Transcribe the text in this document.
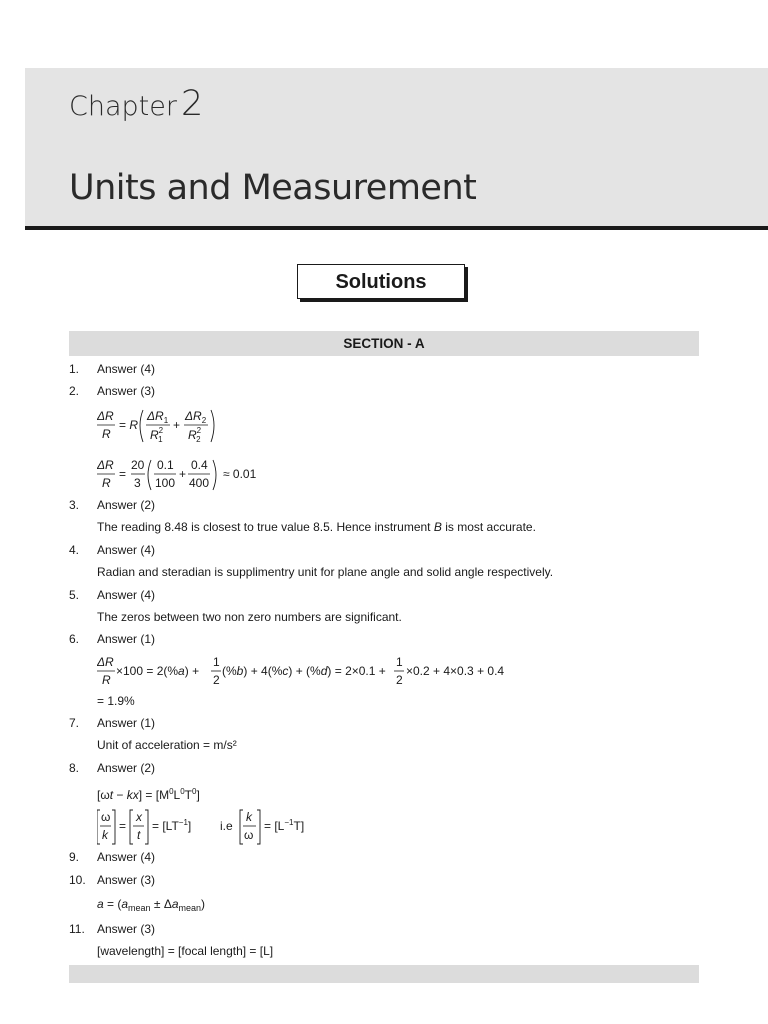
Chapter 2
Units and Measurement
Solutions
SECTION - A
1. Answer (4)
2. Answer (3)
ΔR
R
= R
$\Delta R_1$
$R^2$ 1
+
$\Delta R_2$
$R^2$ 2
ΔR
R
=
20
3
0.1
100
+
0.4
400
≈ 0.01
3. Answer (2)
The reading 8.48 is closest to true value 8.5. Hence instrument B is most accurate.
4. Answer (4)
Radian and steradian is supplimentry unit for plane angle and solid angle respectively.
5. Answer (4)
The zeros between two non zero numbers are significant.
6. Answer (1)
ΔR
R
×100 = 2(%a) +
1
2
(%b) + 4(%c) + (%d) = 2×0.1 +
1
2
×0.2 + 4×0.3 + 0.4
= 1.9%
7. Answer (1)
Unit of acceleration = m/s²
8. Answer (2)
$[\omega t - kx] = [M^0L^0T^0]$
ω
k
=
x
t
= $[LT^{-1}]$ i.e
k
ω
= $[L^{-1}T]$
9. Answer (4)
10. Answer (3)
$a = (a_{mean} \pm \Delta a_{mean})$
11. Answer (3)
[wavelength] = [focal length] = [L]
